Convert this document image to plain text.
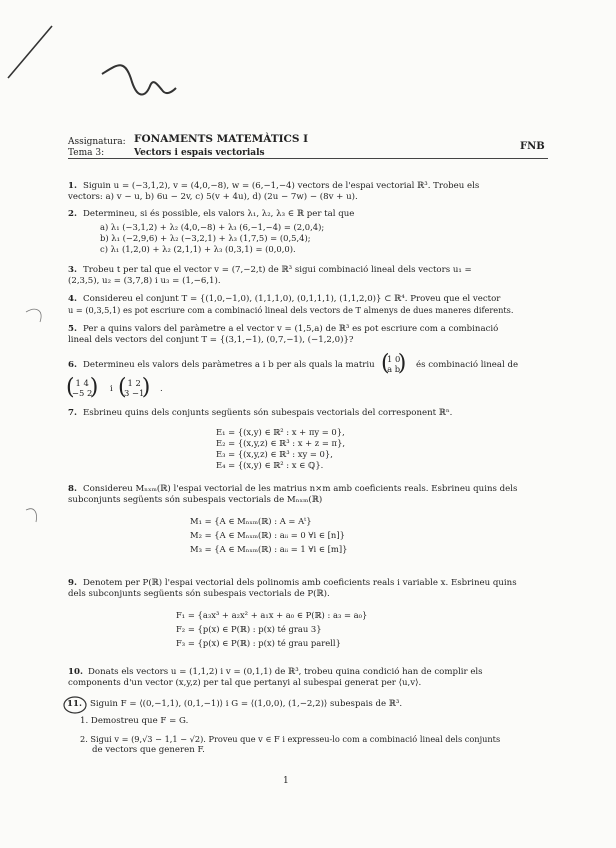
Assignatura: FONAMENTS MATEMÀTICS I
Tema 3:	Vectors i espais vectorials
FNB
1. Siguin u = (−3,1,2), v = (4,0,−8), w = (6,−1,−4) vectors de l'espai vectorial ℝ³. Trobeu els
vectors: a) v − u, b) 6u − 2v, c) 5(v + 4u), d) (2u − 7w) − (8v + u).
2. Determineu, si és possible, els valors λ₁, λ₂, λ₃ ∈ ℝ per tal que
a) λ₁ (−3,1,2) + λ₂ (4,0,−8) + λ₃ (6,−1,−4) = (2,0,4);
b) λ₁ (−2,9,6) + λ₂ (−3,2,1) + λ₃ (1,7,5) = (0,5,4);
c) λ₁ (1,2,0) + λ₂ (2,1,1) + λ₃ (0,3,1) = (0,0,0).
3. Trobeu t per tal que el vector v = (7,−2,t) de ℝ³ sigui combinació lineal dels vectors u₁ =
(2,3,5), u₂ = (3,7,8) i u₃ = (1,−6,1).
4. Considereu el conjunt T = {(1,0,−1,0), (1,1,1,0), (0,1,1,1), (1,1,2,0)} ⊂ ℝ⁴. Proveu que el vector
u = (0,3,5,1) es pot escriure com a combinació lineal dels vectors de T almenys de dues maneres diferents.
5. Per a quins valors del paràmetre a el vector v = (1,5,a) de ℝ³ es pot escriure com a combinació
lineal dels vectors del conjunt T = {(3,1,−1), (0,7,−1), (−1,2,0)}?
6. Determineu els valors dels paràmetres a i b per als quals la matriu (
1 0
a b
) és combinació lineal de
( 1 4
−5 2
) i ( 1 2
3 −1
) .
7. Esbrineu quins dels conjunts següents són subespais vectorials del corresponent ℝⁿ.
E₁ = {(x,y) ∈ ℝ² : x + πy = 0},
E₂ = {(x,y,z) ∈ ℝ³ : x + z = π},
E₃ = {(x,y,z) ∈ ℝ³ : xy = 0},
E₄ = {(x,y) ∈ ℝ² : x ∈ ℚ}.
8. Considereu Mₙₓₘ(ℝ) l'espai vectorial de les matrius n×m amb coeficients reals. Esbrineu quins dels
subconjunts següents són subespais vectorials de Mₙₓₘ(ℝ)
M₁ = {A ∈ Mₙₓₘ(ℝ) : A = Aᵗ}
M₂ = {A ∈ Mₙₓₘ(ℝ) : aᵢᵢ = 0 ∀i ∈ [n]}
M₃ = {A ∈ Mₙₓₘ(ℝ) : aᵢᵢ = 1 ∀i ∈ [m]}
9. Denotem per P(ℝ) l'espai vectorial dels polinomis amb coeficients reals i variable x. Esbrineu quins
dels subconjunts següents són subespais vectorials de P(ℝ).
F₁ = {a₃x³ + a₂x² + a₁x + a₀ ∈ P(ℝ) : a₃ = a₀}
F₂ = {p(x) ∈ P(ℝ) : p(x) té grau 3}
F₃ = {p(x) ∈ P(ℝ) : p(x) té grau parell}
10. Donats els vectors u = (1,1,2) i v = (0,1,1) de ℝ³, trobeu quina condició han de complir els
components d'un vector (x,y,z) per tal que pertanyi al subespai generat per ⟨u,v⟩.
11. Siguin F = ⟨(0,−1,1), (0,1,−1)⟩ i G = ⟨(1,0,0), (1,−2,2)⟩ subespais de ℝ³.
1. Demostreu que F = G.
2. Sigui v = (9,√3 − 1,1 − √2). Proveu que v ∈ F i expresseu-lo com a combinació lineal dels conjunts
de vectors que generen F.
1
